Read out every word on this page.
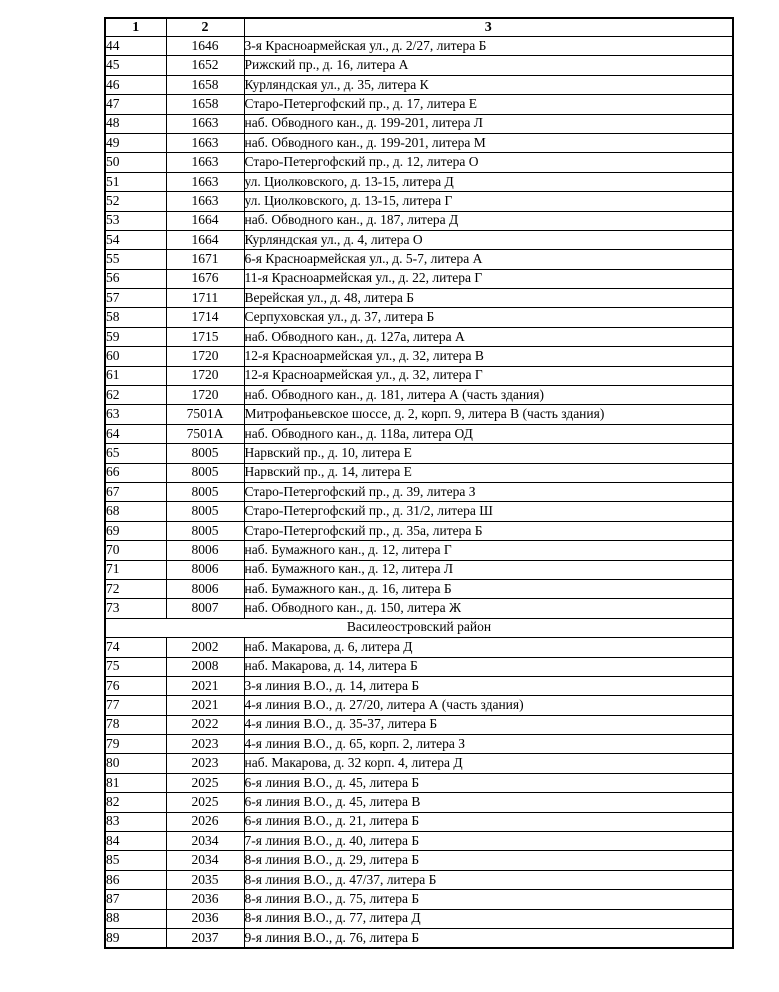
1	2	3
44	1646	3-я Красноармейская ул., д. 2/27, литера Б
45	1652	Рижский пр., д. 16, литера А
46	1658	Курляндская ул., д. 35, литера К
47	1658	Старо-Петергофский пр., д. 17, литера Е
48	1663	наб. Обводного кан., д. 199-201, литера Л
49	1663	наб. Обводного кан., д. 199-201, литера М
50	1663	Старо-Петергофский пр., д. 12, литера О
51	1663	ул. Циолковского, д. 13-15, литера Д
52	1663	ул. Циолковского, д. 13-15, литера Г
53	1664	наб. Обводного кан., д. 187, литера Д
54	1664	Курляндская ул., д. 4, литера О
55	1671	6-я Красноармейская ул., д. 5-7, литера А
56	1676	11-я Красноармейская ул., д. 22, литера Г
57	1711	Верейская ул., д. 48, литера Б
58	1714	Серпуховская ул., д. 37, литера Б
59	1715	наб. Обводного кан., д. 127а, литера А
60	1720	12-я Красноармейская ул., д. 32, литера В
61	1720	12-я Красноармейская ул., д. 32, литера Г
62	1720	наб. Обводного кан., д. 181, литера А (часть здания)
63	7501А	Митрофаньевское шоссе, д. 2, корп. 9, литера В (часть здания)
64	7501А	наб. Обводного кан., д. 118а, литера ОД
65	8005	Нарвский пр., д. 10, литера Е
66	8005	Нарвский пр., д. 14, литера Е
67	8005	Старо-Петергофский пр., д. 39, литера З
68	8005	Старо-Петергофский пр., д. 31/2, литера Ш
69	8005	Старо-Петергофский пр., д. 35а, литера Б
70	8006	наб. Бумажного кан., д. 12, литера Г
71	8006	наб. Бумажного кан., д. 12, литера Л
72	8006	наб. Бумажного кан., д. 16, литера Б
73	8007	наб. Обводного кан., д. 150, литера Ж
Василеостровский район		
74	2002	наб. Макарова, д. 6, литера Д
75	2008	наб. Макарова, д. 14, литера Б
76	2021	3-я линия В.О., д. 14, литера Б
77	2021	4-я линия В.О., д. 27/20, литера А (часть здания)
78	2022	4-я линия В.О., д. 35-37, литера Б
79	2023	4-я линия В.О., д. 65, корп. 2, литера З
80	2023	наб. Макарова, д. 32 корп. 4, литера Д
81	2025	6-я линия В.О., д. 45, литера Б
82	2025	6-я линия В.О., д. 45, литера В
83	2026	6-я линия В.О., д. 21, литера Б
84	2034	7-я линия В.О., д. 40, литера Б
85	2034	8-я линия В.О., д. 29, литера Б
86	2035	8-я линия В.О., д. 47/37, литера Б
87	2036	8-я линия В.О., д. 75, литера Б
88	2036	8-я линия В.О., д. 77, литера Д
89	2037	9-я линия В.О., д. 76, литера Б
